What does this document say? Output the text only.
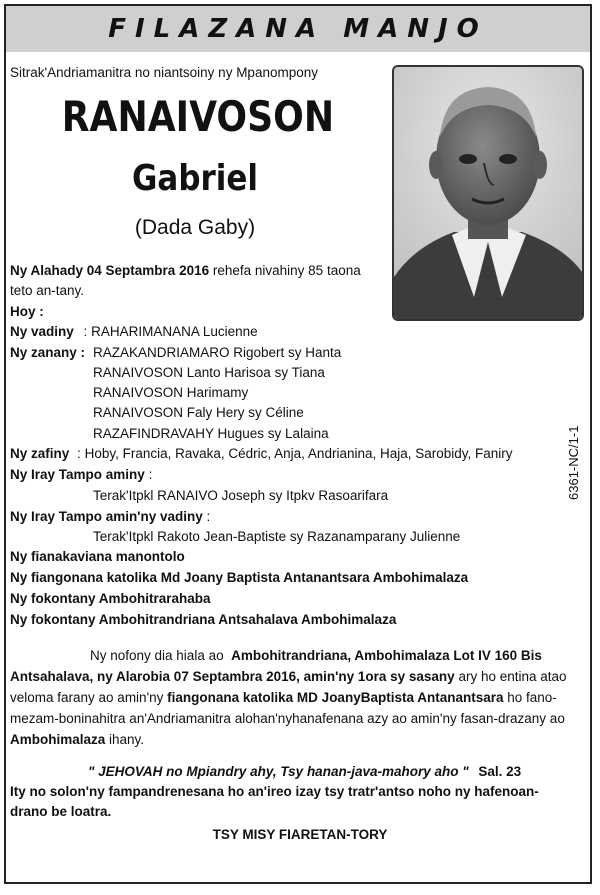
FILAZANA MANJO
Sitrak'Andriamanitra no niantsoiny ny Mpanompony
RANAIVOSON
Gabriel
(Dada Gaby)
Ny Alahady 04 Septambra 2016 rehefa nivahiny 85 taona
teto an-tany.
Hoy :
Ny vadiny : RAHARIMANANA Lucienne
Ny zanany : RAZAKANDRIAMARO Rigobert sy Hanta
RANAIVOSON Lanto Harisoa sy Tiana
RANAIVOSON Harimamy
RANAIVOSON Faly Hery sy Céline
RAZAFINDRAVAHY Hugues sy Lalaina
Ny zafiny : Hoby, Francia, Ravaka, Cédric, Anja, Andrianina, Haja, Sarobidy, Faniry
Ny Iray Tampo aminy :
Terak'Itpkl RANAIVO Joseph sy Itpkv Rasoarifara
Ny Iray Tampo amin'ny vadiny :
Terak'Itpkl Rakoto Jean-Baptiste sy Razanamparany Julienne
Ny fianakaviana manontolo
Ny fiangonana katolika Md Joany Baptista Antanantsara Ambohimalaza
Ny fokontany Ambohitrarahaba
Ny fokontany Ambohitrandriana Antsahalava Ambohimalaza
6361-NC/1-1
Ny nofony dia hiala ao Ambohitrandriana, Ambohimalaza Lot IV 160 Bis
Antsahalava, ny Alarobia 07 Septambra 2016, amin'ny 1ora sy sasany ary ho entina atao
veloma farany ao amin'ny fiangonana katolika MD JoanyBaptista Antanantsara ho fano-
mezam-boninahitra an'Andriamanitra alohan'nyhanafenana azy ao amin'ny fasan-drazany ao
Ambohimalaza ihany.
" JEHOVAH no Mpiandry ahy, Tsy hanan-java-mahory aho " Sal. 23
Ity no solon'ny fampandrenesana ho an'ireo izay tsy tratr'antso noho ny hafenoan-
drano be loatra.
TSY MISY FIARETAN-TORY
